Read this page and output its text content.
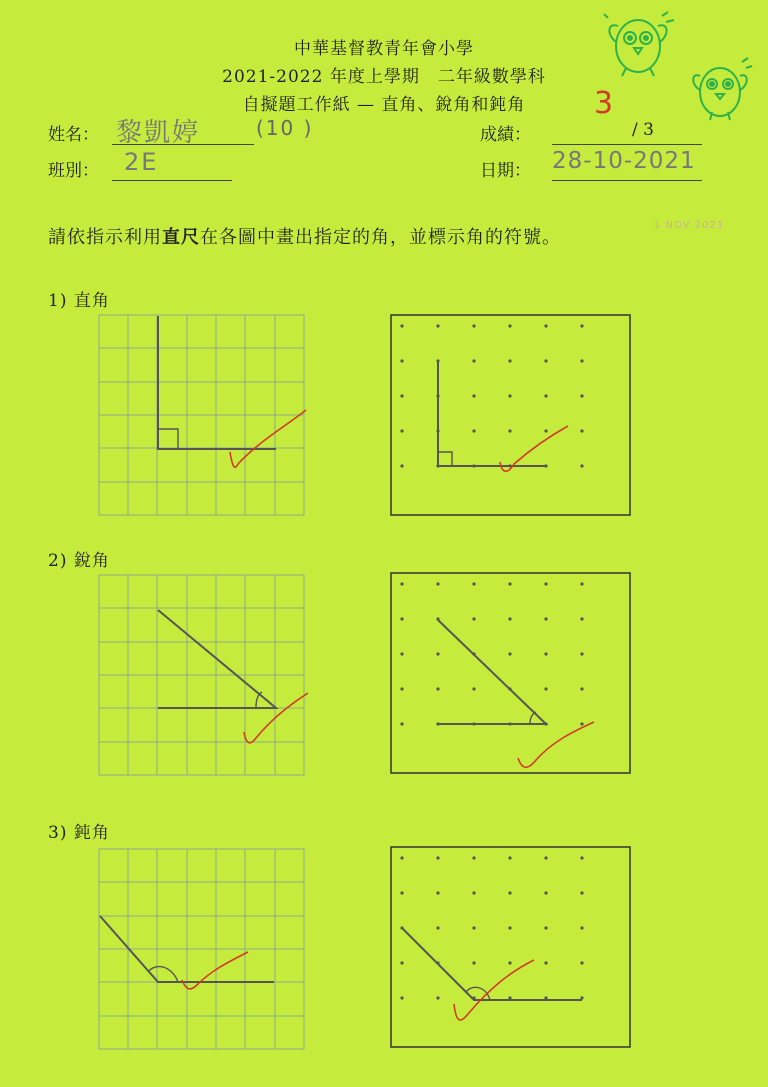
中華基督教青年會小學
2021-2022 年度上學期　二年級數學科
自擬題工作紙 — 直角、銳角和鈍角
姓名： 黎凱婷	(10 )
班別： 2E
成績：
3
/ 3
日期： 28-10-2021
請依指示利用直尺在各圖中畫出指定的角，並標示角的符號。
1 NOV 2021
1) 直角
2) 銳角
3) 鈍角
